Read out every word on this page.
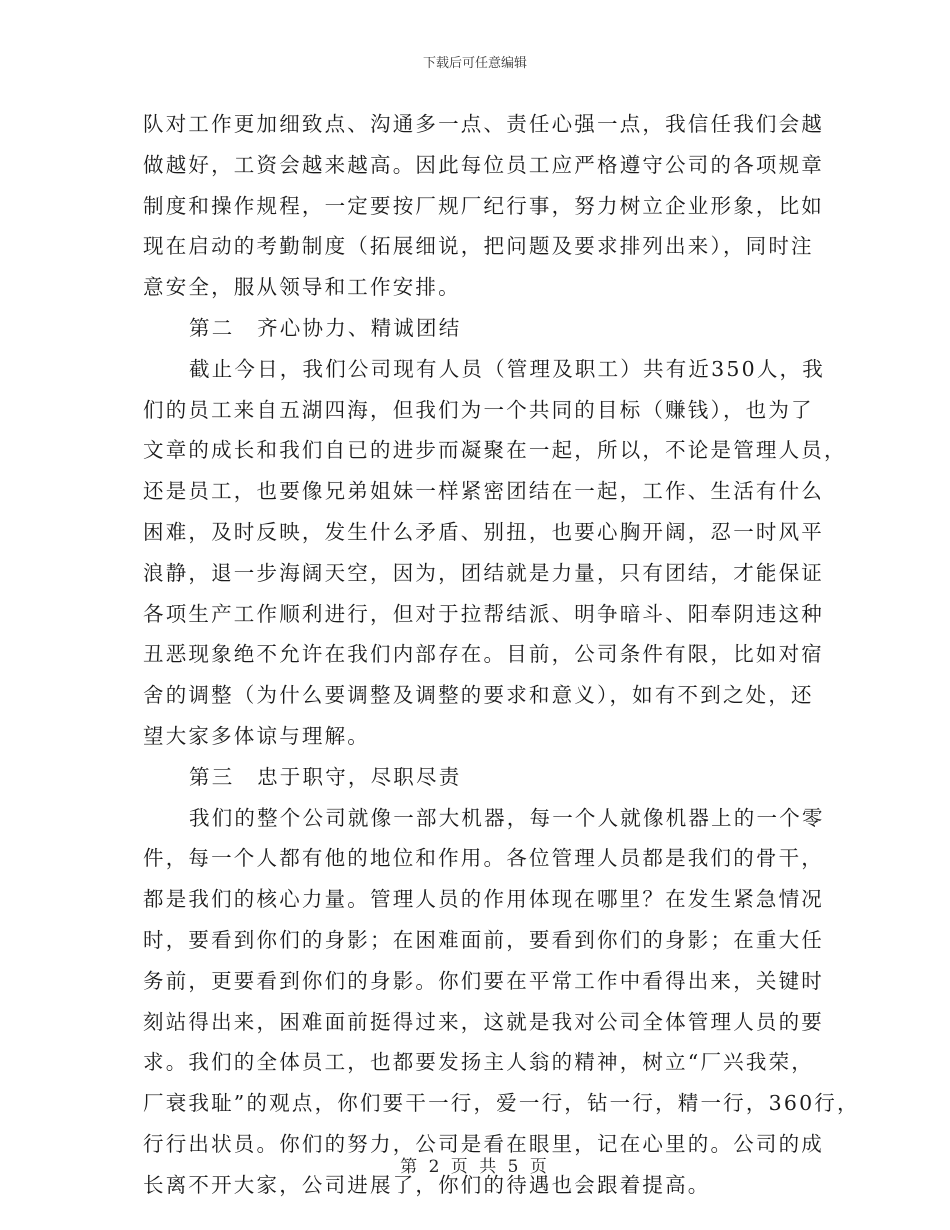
下载后可任意编辑
队对工作更加细致点、沟通多一点、责任心强一点，我信任我们会越
做越好，工资会越来越高。因此每位员工应严格遵守公司的各项规章
制度和操作规程，一定要按厂规厂纪行事，努力树立企业形象，比如
现在启动的考勤制度（拓展细说，把问题及要求排列出来），同时注
意安全，服从领导和工作安排。
第二　齐心协力、精诚团结
截止今日，我们公司现有人员（管理及职工）共有近350人，我
们的员工来自五湖四海，但我们为一个共同的目标（赚钱），也为了
文章的成长和我们自已的进步而凝聚在一起，所以，不论是管理人员，
还是员工，也要像兄弟姐妹一样紧密团结在一起，工作、生活有什么
困难，及时反映，发生什么矛盾、别扭，也要心胸开阔，忍一时风平
浪静，退一步海阔天空，因为，团结就是力量，只有团结，才能保证
各项生产工作顺利进行，但对于拉帮结派、明争暗斗、阳奉阴违这种
丑恶现象绝不允许在我们内部存在。目前，公司条件有限，比如对宿
舍的调整（为什么要调整及调整的要求和意义），如有不到之处，还
望大家多体谅与理解。
第三　忠于职守，尽职尽责
我们的整个公司就像一部大机器，每一个人就像机器上的一个零
件，每一个人都有他的地位和作用。各位管理人员都是我们的骨干，
都是我们的核心力量。管理人员的作用体现在哪里？在发生紧急情况
时，要看到你们的身影；在困难面前，要看到你们的身影；在重大任
务前，更要看到你们的身影。你们要在平常工作中看得出来，关键时
刻站得出来，困难面前挺得过来，这就是我对公司全体管理人员的要
求。我们的全体员工，也都要发扬主人翁的精神，树立“厂兴我荣，
厂衰我耻”的观点，你们要干一行，爱一行，钻一行，精一行，360行，
行行出状员。你们的努力，公司是看在眼里，记在心里的。公司的成
长离不开大家，公司进展了，你们的待遇也会跟着提高。
第 2 页 共 5 页
